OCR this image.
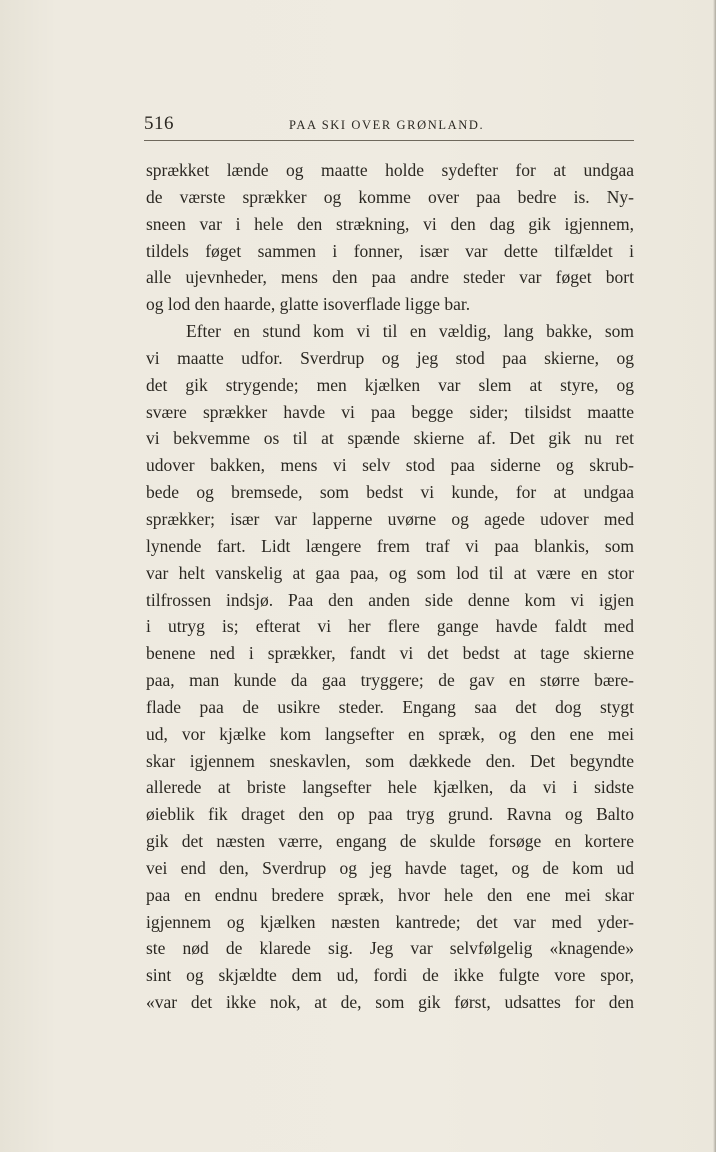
516	PAA SKI OVER GRØNLAND.
sprækket lænde og maatte holde sydefter for at undgaa
de værste sprækker og komme over paa bedre is. Ny-
sneen var i hele den strækning, vi den dag gik igjennem,
tildels føget sammen i fonner, især var dette tilfældet i
alle ujevnheder, mens den paa andre steder var føget bort
og lod den haarde, glatte isoverflade ligge bar.
Efter en stund kom vi til en vældig, lang bakke, som
vi maatte udfor. Sverdrup og jeg stod paa skierne, og
det gik strygende; men kjælken var slem at styre, og
svære sprækker havde vi paa begge sider; tilsidst maatte
vi bekvemme os til at spænde skierne af. Det gik nu ret
udover bakken, mens vi selv stod paa siderne og skrub-
bede og bremsede, som bedst vi kunde, for at undgaa
sprækker; især var lapperne uvørne og agede udover med
lynende fart. Lidt længere frem traf vi paa blankis, som
var helt vanskelig at gaa paa, og som lod til at være en stor
tilfrossen indsjø. Paa den anden side denne kom vi igjen
i utryg is; efterat vi her flere gange havde faldt med
benene ned i sprækker, fandt vi det bedst at tage skierne
paa, man kunde da gaa tryggere; de gav en større bære-
flade paa de usikre steder. Engang saa det dog stygt
ud, vor kjælke kom langsefter en spræk, og den ene mei
skar igjennem sneskavlen, som dækkede den. Det begyndte
allerede at briste langsefter hele kjælken, da vi i sidste
øieblik fik draget den op paa tryg grund. Ravna og Balto
gik det næsten værre, engang de skulde forsøge en kortere
vei end den, Sverdrup og jeg havde taget, og de kom ud
paa en endnu bredere spræk, hvor hele den ene mei skar
igjennem og kjælken næsten kantrede; det var med yder-
ste nød de klarede sig. Jeg var selvfølgelig «knagende»
sint og skjældte dem ud, fordi de ikke fulgte vore spor,
«var det ikke nok, at de, som gik først, udsattes for den
